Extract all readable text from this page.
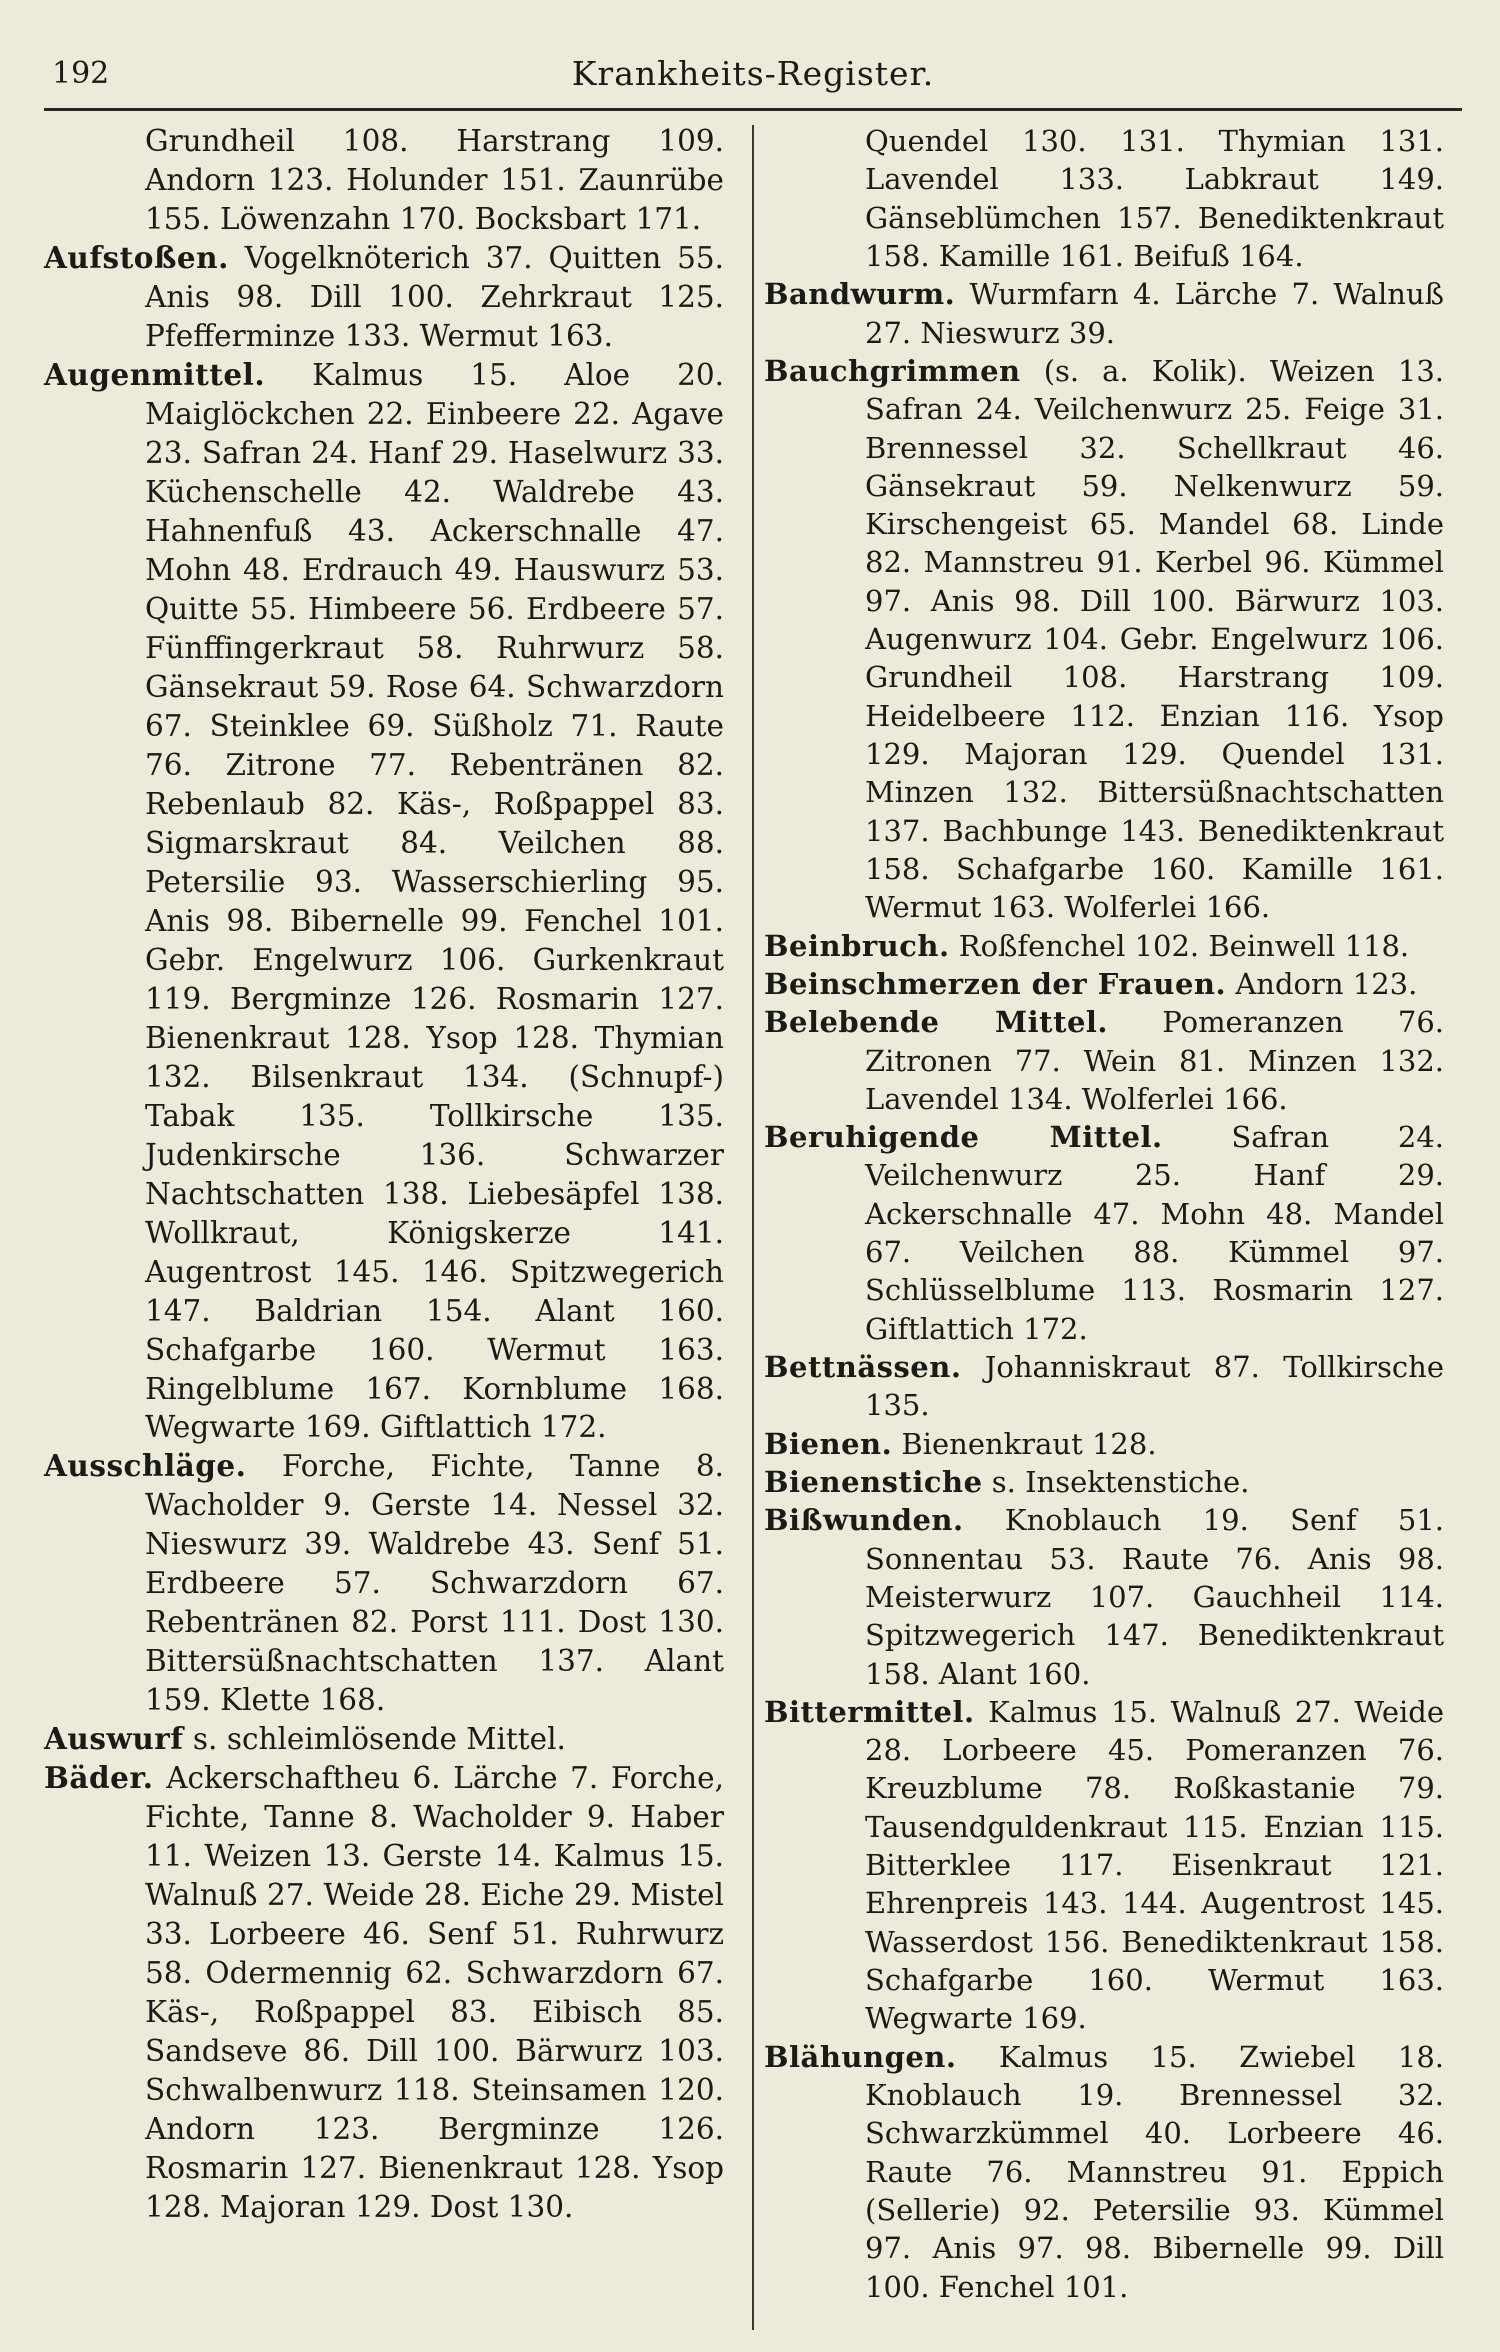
192	Krankheits-Register.

Grundheil 108. Harstrang 109. Andorn 123. Holunder 151. Zaunrübe 155. Löwenzahn 170. Bocksbart 171.

Aufstoßen. Vogelknöterich 37. Quitten 55. Anis 98. Dill 100. Zehrkraut 125. Pfefferminze 133. Wermut 163.

Augenmittel. Kalmus 15. Aloe 20. Maiglöckchen 22. Einbeere 22. Agave 23. Safran 24. Hanf 29. Haselwurz 33. Küchenschelle 42. Waldrebe 43. Hahnenfuß 43. Ackerschnalle 47. Mohn 48. Erdrauch 49. Hauswurz 53. Quitte 55. Himbeere 56. Erdbeere 57. Fünffingerkraut 58. Ruhrwurz 58. Gänsekraut 59. Rose 64. Schwarzdorn 67. Steinklee 69. Süßholz 71. Raute 76. Zitrone 77. Rebentränen 82. Rebenlaub 82. Käs-, Roßpappel 83. Sigmarskraut 84. Veilchen 88. Petersilie 93. Wasserschierling 95. Anis 98. Bibernelle 99. Fenchel 101. Gebr. Engelwurz 106. Gurkenkraut 119. Bergminze 126. Rosmarin 127. Bienenkraut 128. Ysop 128. Thymian 132. Bilsenkraut 134. (Schnupf-) Tabak 135. Tollkirsche 135. Judenkirsche 136. Schwarzer Nachtschatten 138. Liebesäpfel 138. Wollkraut, Königskerze 141. Augentrost 145. 146. Spitzwegerich 147. Baldrian 154. Alant 160. Schafgarbe 160. Wermut 163. Ringelblume 167. Kornblume 168. Wegwarte 169. Giftlattich 172.

Ausschläge. Forche, Fichte, Tanne 8. Wacholder 9. Gerste 14. Nessel 32. Nieswurz 39. Waldrebe 43. Senf 51. Erdbeere 57. Schwarzdorn 67. Rebentränen 82. Porst 111. Dost 130. Bittersüßnachtschatten 137. Alant 159. Klette 168.

Auswurf s. schleimlösende Mittel.

Bäder. Ackerschaftheu 6. Lärche 7. Forche, Fichte, Tanne 8. Wacholder 9. Haber 11. Weizen 13. Gerste 14. Kalmus 15. Walnuß 27. Weide 28. Eiche 29. Mistel 33. Lorbeere 46. Senf 51. Ruhrwurz 58. Odermennig 62. Schwarzdorn 67. Käs-, Roßpappel 83. Eibisch 85. Sandseve 86. Dill 100. Bärwurz 103. Schwalbenwurz 118. Steinsamen 120. Andorn 123. Bergminze 126. Rosmarin 127. Bienenkraut 128. Ysop 128. Majoran 129. Dost 130.

Quendel 130. 131. Thymian 131. Lavendel 133. Labkraut 149. Gänseblümchen 157. Benediktenkraut 158. Kamille 161. Beifuß 164.

Bandwurm. Wurmfarn 4. Lärche 7. Walnuß 27. Nieswurz 39.

Bauchgrimmen (s. a. Kolik). Weizen 13. Safran 24. Veilchenwurz 25. Feige 31. Brennessel 32. Schellkraut 46. Gänsekraut 59. Nelkenwurz 59. Kirschengeist 65. Mandel 68. Linde 82. Mannstreu 91. Kerbel 96. Kümmel 97. Anis 98. Dill 100. Bärwurz 103. Augenwurz 104. Gebr. Engelwurz 106. Grundheil 108. Harstrang 109. Heidelbeere 112. Enzian 116. Ysop 129. Majoran 129. Quendel 131. Minzen 132. Bittersüßnachtschatten 137. Bachbunge 143. Benediktenkraut 158. Schafgarbe 160. Kamille 161. Wermut 163. Wolferlei 166.

Beinbruch. Roßfenchel 102. Beinwell 118.

Beinschmerzen der Frauen. Andorn 123.

Belebende Mittel. Pomeranzen 76. Zitronen 77. Wein 81. Minzen 132. Lavendel 134. Wolferlei 166.

Beruhigende Mittel. Safran 24. Veilchenwurz 25. Hanf 29. Ackerschnalle 47. Mohn 48. Mandel 67. Veilchen 88. Kümmel 97. Schlüsselblume 113. Rosmarin 127. Giftlattich 172.

Bettnässen. Johanniskraut 87. Tollkirsche 135.

Bienen. Bienenkraut 128.

Bienenstiche s. Insektenstiche.

Bißwunden. Knoblauch 19. Senf 51. Sonnentau 53. Raute 76. Anis 98. Meisterwurz 107. Gauchheil 114. Spitzwegerich 147. Benediktenkraut 158. Alant 160.

Bittermittel. Kalmus 15. Walnuß 27. Weide 28. Lorbeere 45. Pomeranzen 76. Kreuzblume 78. Roßkastanie 79. Tausendguldenkraut 115. Enzian 115. Bitterklee 117. Eisenkraut 121. Ehrenpreis 143. 144. Augentrost 145. Wasserdost 156. Benediktenkraut 158. Schafgarbe 160. Wermut 163. Wegwarte 169.

Blähungen. Kalmus 15. Zwiebel 18. Knoblauch 19. Brennessel 32. Schwarzkümmel 40. Lorbeere 46. Raute 76. Mannstreu 91. Eppich (Sellerie) 92. Petersilie 93. Kümmel 97. Anis 97. 98. Bibernelle 99. Dill 100. Fenchel 101.
